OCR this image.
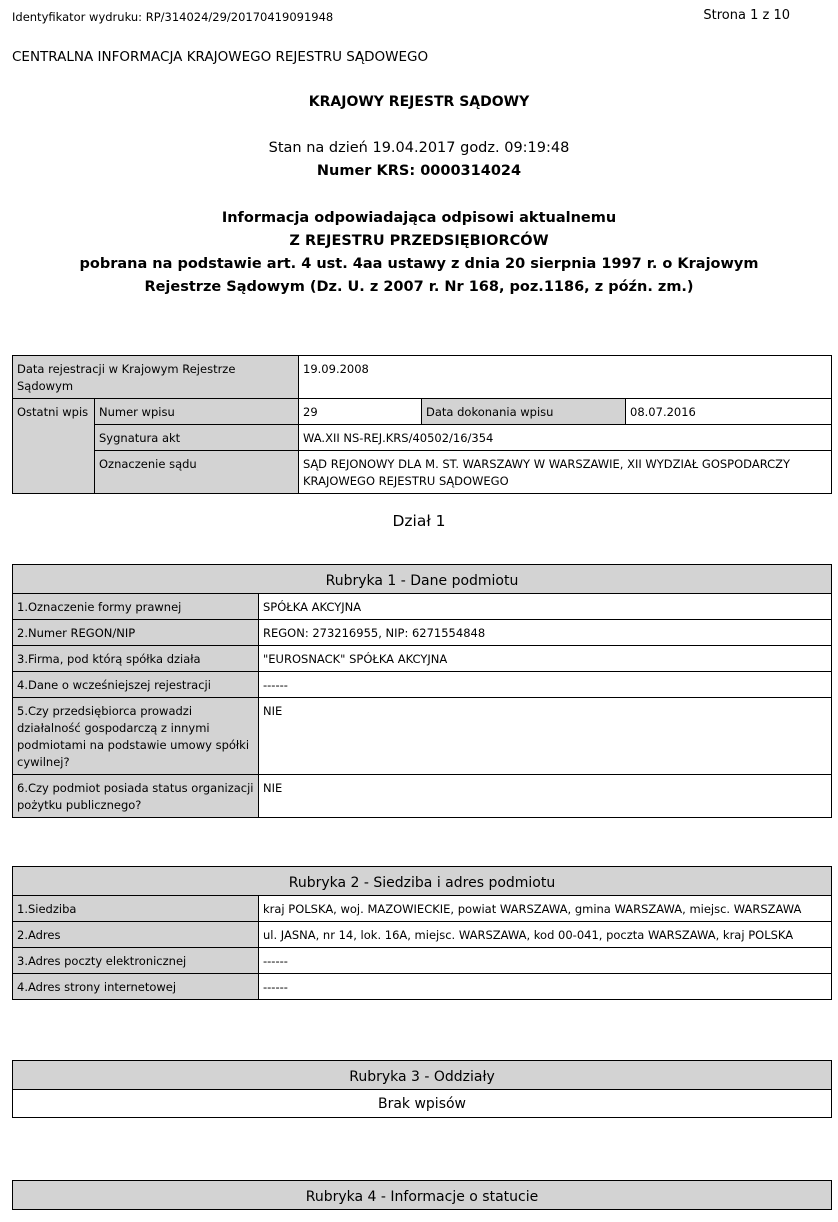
Identyfikator wydruku: RP/314024/29/20170419091948	Strona 1 z 10
CENTRALNA INFORMACJA KRAJOWEGO REJESTRU SĄDOWEGO
KRAJOWY REJESTR SĄDOWY
Stan na dzień 19.04.2017 godz. 09:19:48
Numer KRS: 0000314024
Informacja odpowiadająca odpisowi aktualnemu
Z REJESTRU PRZEDSIĘBIORCÓW
pobrana na podstawie art. 4 ust. 4aa ustawy z dnia 20 sierpnia 1997 r. o Krajowym Rejestrze Sądowym (Dz. U. z 2007 r. Nr 168, poz.1186, z późn. zm.)
Data rejestracji w Krajowym Rejestrze Sądowym		19.09.2008		
Ostatni wpis	Numer wpisu	29	Data dokonania wpisu	08.07.2016
	Sygnatura akt	WA.XII NS-REJ.KRS/40502/16/354		
	Oznaczenie sądu	SĄD REJONOWY DLA M. ST. WARSZAWY W WARSZAWIE, XII WYDZIAŁ GOSPODARCZY KRAJOWEGO REJESTRU SĄDOWEGO		
Dział 1
Rubryka 1 - Dane podmiotu	
1.Oznaczenie formy prawnej	SPÓŁKA AKCYJNA
2.Numer REGON/NIP	REGON: 273216955, NIP: 6271554848
3.Firma, pod którą spółka działa	"EUROSNACK" SPÓŁKA AKCYJNA
4.Dane o wcześniejszej rejestracji	------
5.Czy przedsiębiorca prowadzi działalność gospodarczą z innymi podmiotami na podstawie umowy spółki cywilnej?	NIE
6.Czy podmiot posiada status organizacji pożytku publicznego?	NIE
Rubryka 2 - Siedziba i adres podmiotu	
1.Siedziba	kraj POLSKA, woj. MAZOWIECKIE, powiat WARSZAWA, gmina WARSZAWA, miejsc. WARSZAWA
2.Adres	ul. JASNA, nr 14, lok. 16A, miejsc. WARSZAWA, kod 00-041, poczta WARSZAWA, kraj POLSKA
3.Adres poczty elektronicznej	------
4.Adres strony internetowej	------
Rubryka 3 - Oddziały
Brak wpisów
Rubryka 4 - Informacje o statucie
